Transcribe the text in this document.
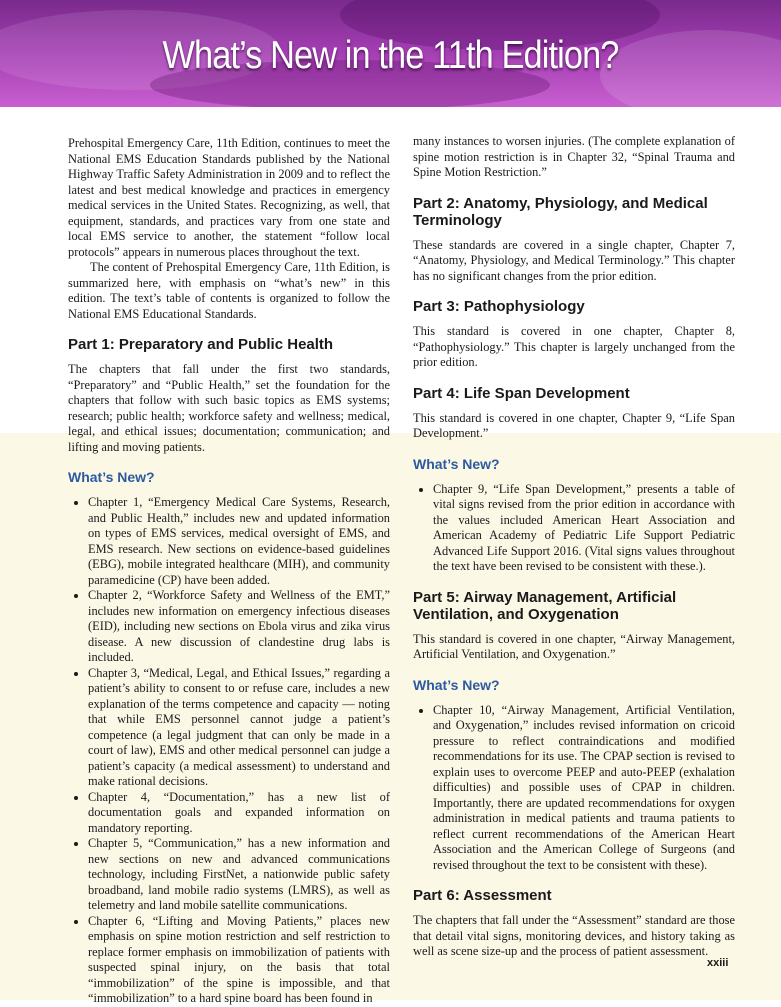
What’s New in the 11th Edition?

Prehospital Emergency Care, 11th Edition, continues to meet the National EMS Education Standards published by the National Highway Traffic Safety Administration in 2009 and to reflect the latest and best medical knowledge and practices in emergency medical services in the United States. Recognizing, as well, that equipment, standards, and practices vary from one state and local EMS service to another, the statement “follow local protocols” appears in numerous places throughout the text.

The content of Prehospital Emergency Care, 11th Edition, is summarized here, with emphasis on “what’s new” in this edition. The text’s table of contents is organized to follow the National EMS Educational Standards.

Part 1: Preparatory and Public Health

The chapters that fall under the first two standards, “Preparatory” and “Public Health,” set the foundation for the chapters that follow with such basic topics as EMS systems; research; public health; workforce safety and wellness; medical, legal, and ethical issues; documentation; communication; and lifting and moving patients.

What’s New?
• Chapter 1, “Emergency Medical Care Systems, Research, and Public Health,” includes new and updated information on types of EMS services, medical oversight of EMS, and EMS research. New sections on evidence-based guidelines (EBG), mobile integrated healthcare (MIH), and community paramedicine (CP) have been added.
• Chapter 2, “Workforce Safety and Wellness of the EMT,” includes new information on emergency infectious diseases (EID), including new sections on Ebola virus and zika virus disease. A new discussion of clandestine drug labs is included.
• Chapter 3, “Medical, Legal, and Ethical Issues,” regarding a patient’s ability to consent to or refuse care, includes a new explanation of the terms competence and capacity — noting that while EMS personnel cannot judge a patient’s competence (a legal judgment that can only be made in a court of law), EMS and other medical personnel can judge a patient’s capacity (a medical assessment) to understand and make rational decisions.
• Chapter 4, “Documentation,” has a new list of documentation goals and expanded information on mandatory reporting.
• Chapter 5, “Communication,” has a new information and new sections on new and advanced communications technology, including FirstNet, a nationwide public safety broadband, land mobile radio systems (LMRS), as well as telemetry and land mobile satellite communications.
• Chapter 6, “Lifting and Moving Patients,” places new emphasis on spine motion restriction and self restriction to replace former emphasis on immobilization of patients with suspected spinal injury, on the basis that total “immobilization” of the spine is impossible, and that “immobilization” to a hard spine board has been found in

many instances to worsen injuries. (The complete explanation of spine motion restriction is in Chapter 32, “Spinal Trauma and Spine Motion Restriction.”

Part 2: Anatomy, Physiology, and Medical Terminology

These standards are covered in a single chapter, Chapter 7, “Anatomy, Physiology, and Medical Terminology.” This chapter has no significant changes from the prior edition.

Part 3: Pathophysiology

This standard is covered in one chapter, Chapter 8, “Pathophysiology.” This chapter is largely unchanged from the prior edition.

Part 4: Life Span Development

This standard is covered in one chapter, Chapter 9, “Life Span Development.”

What’s New?
• Chapter 9, “Life Span Development,” presents a table of vital signs revised from the prior edition in accordance with the values included American Heart Association and American Academy of Pediatric Life Support Pediatric Advanced Life Support 2016. (Vital signs values throughout the text have been revised to be consistent with these.).
Part 5: Airway Management, Artificial Ventilation, and Oxygenation

This standard is covered in one chapter, “Airway Management, Artificial Ventilation, and Oxygenation.”

What’s New?
• Chapter 10, “Airway Management, Artificial Ventilation, and Oxygenation,” includes revised information on cricoid pressure to reflect contraindications and modified recommendations for its use. The CPAP section is revised to explain uses to overcome PEEP and auto-PEEP (exhalation difficulties) and possible uses of CPAP in children. Importantly, there are updated recommendations for oxygen administration in medical patients and trauma patients to reflect current recommendations of the American Heart Association and the American College of Surgeons (and revised throughout the text to be consistent with these).
Part 6: Assessment

The chapters that fall under the “Assessment” standard are those that detail vital signs, monitoring devices, and history taking as well as scene size-up and the process of patient assessment.

xxiii
